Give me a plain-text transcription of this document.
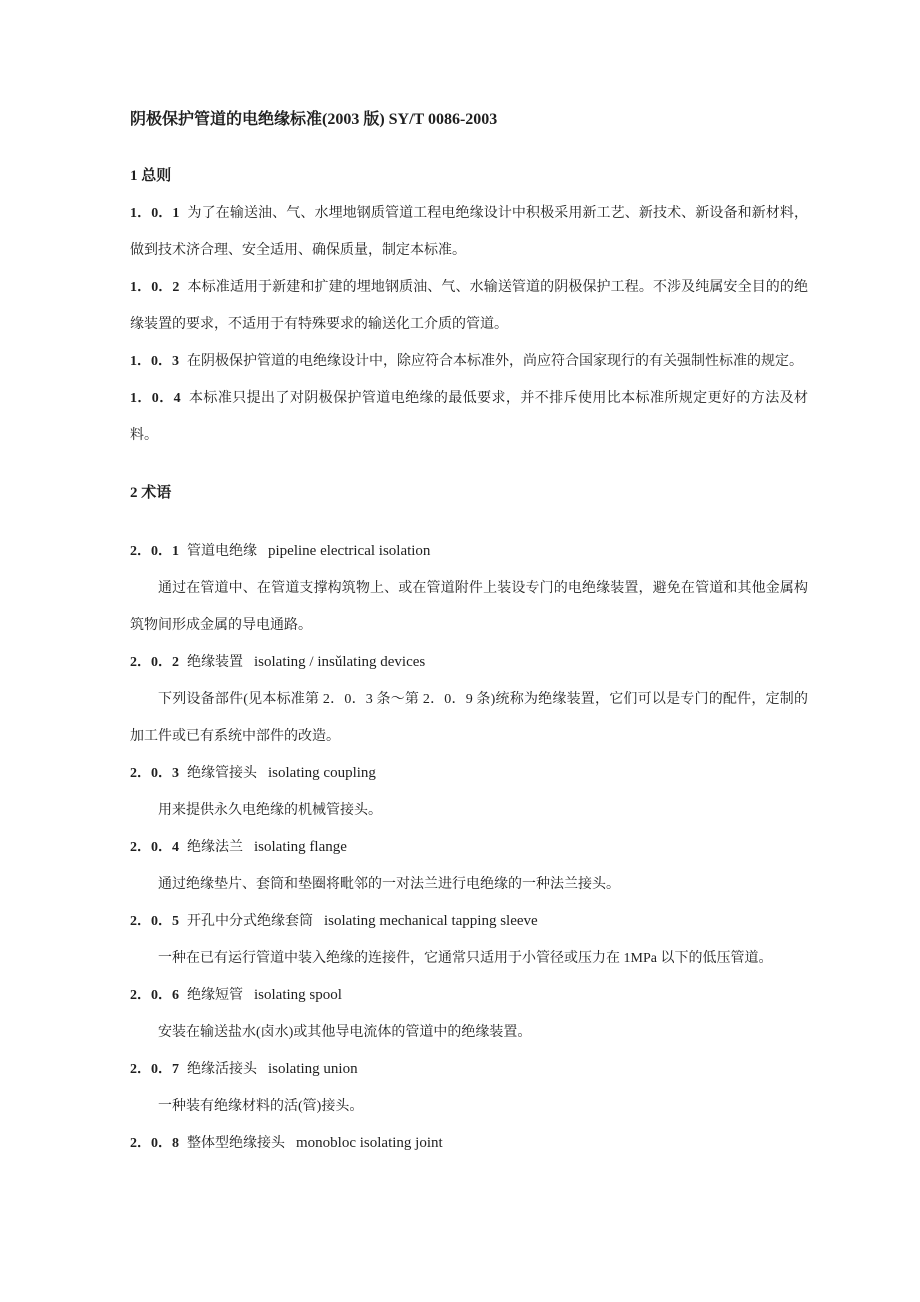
阴极保护管道的电绝缘标准(2003 版) SY/T 0086-2003

1 总则

1．0．1 为了在输送油、气、水埋地钢质管道工程电绝缘设计中积极采用新工艺、新技术、新设备和新材料，做到技术济合理、安全适用、确保质量，制定本标准。

1．0．2 本标准适用于新建和扩建的埋地钢质油、气、水输送管道的阴极保护工程。不涉及纯属安全目的的绝缘装置的要求，不适用于有特殊要求的输送化工介质的管道。

1．0．3 在阴极保护管道的电绝缘设计中，除应符合本标准外，尚应符合国家现行的有关强制性标准的规定。

1．0．4 本标准只提出了对阴极保护管道电绝缘的最低要求，并不排斥使用比本标准所规定更好的方法及材料。

2 术语

2．0．1 管道电绝缘 pipeline electrical isolation

通过在管道中、在管道支撑构筑物上、或在管道附件上装设专门的电绝缘装置，避免在管道和其他金属构筑物间形成金属的导电通路。

2．0．2 绝缘装置 isolating / insǔlating devices

下列设备部件(见本标准第 2．0．3 条～第 2．0．9 条)统称为绝缘装置，它们可以是专门的配件，定制的加工件或已有系统中部件的改造。

2．0．3 绝缘管接头 isolating coupling

用来提供永久电绝缘的机械管接头。

2．0．4 绝缘法兰 isolating flange

通过绝缘垫片、套筒和垫圈将毗邻的一对法兰进行电绝缘的一种法兰接头。

2．0．5 开孔中分式绝缘套筒 isolating mechanical tapping sleeve

一种在已有运行管道中装入绝缘的连接件，它通常只适用于小管径或压力在 1MPa 以下的低压管道。

2．0．6 绝缘短管 isolating spool

安装在输送盐水(卤水)或其他导电流体的管道中的绝缘装置。

2．0．7 绝缘活接头 isolating union

一种装有绝缘材料的活(管)接头。

2．0．8 整体型绝缘接头 monobloc isolating joint
